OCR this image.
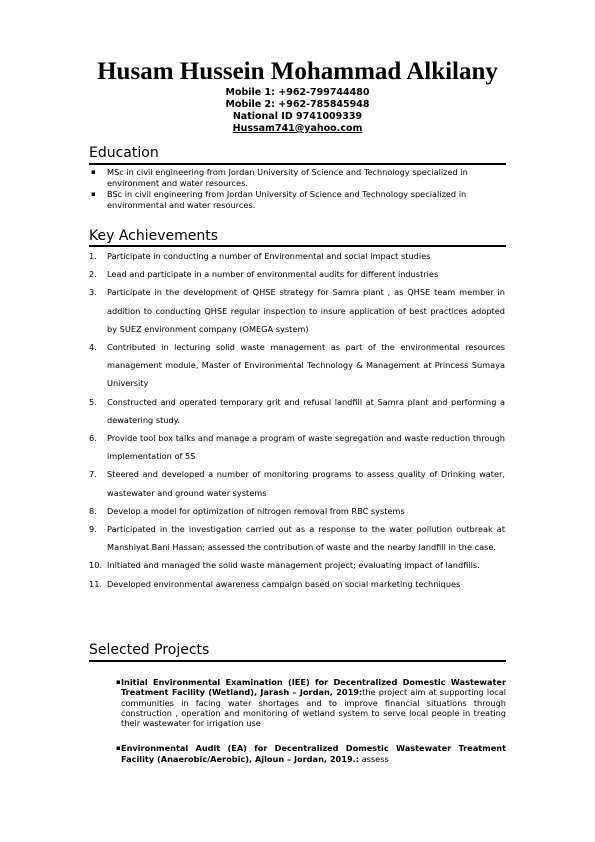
Husam Hussein Mohammad Alkilany
Mobile 1: +962-799744480
Mobile 2: +962-785845948
National ID 9741009339
Hussam741@yahoo.com
Education
▪ MSc in civil engineering from Jordan University of Science and Technology specialized in environment and water resources.
▪ BSc in civil engineering from Jordan University of Science and Technology specialized in environmental and water resources.
Key Achievements
1. Participate in conducting a number of Environmental and social impact studies
2. Lead and participate in a number of environmental audits for different industries
3. Participate in the development of QHSE strategy for Samra plant , as QHSE team member in addition to conducting QHSE regular inspection to insure application of best practices adopted by SUEZ environment company (OMEGA system)
4. Contributed in lecturing solid waste management as part of the environmental resources management module, Master of Environmental Technology & Management at Princess Sumaya University
5. Constructed and operated temporary grit and refusal landfill at Samra plant and performing a dewatering study.
6. Provide tool box talks and manage a program of waste segregation and waste reduction through implementation of 5S
7. Steered and developed a number of monitoring programs to assess quality of Drinking water, wastewater and ground water systems
8. Develop a model for optimization of nitrogen removal from RBC systems
9. Participated in the investigation carried out as a response to the water pollution outbreak at Manshiyat Bani Hassan; assessed the contribution of waste and the nearby landfill in the case.
10. Initiated and managed the solid waste management project; evaluating impact of landfills.
11. Developed environmental awareness campaign based on social marketing techniques
Selected Projects
▪ Initial Environmental Examination (IEE) for Decentralized Domestic Wastewater Treatment Facility (Wetland), Jarash – Jordan, 2019:the project aim at supporting local communities in facing water shortages and to improve financial situations through construction , operation and monitoring of wetland system to serve local people in treating their wastewater for irrigation use
▪ Environmental Audit (EA) for Decentralized Domestic Wastewater Treatment Facility (Anaerobic/Aerobic), Ajloun – Jordan, 2019.: assess
